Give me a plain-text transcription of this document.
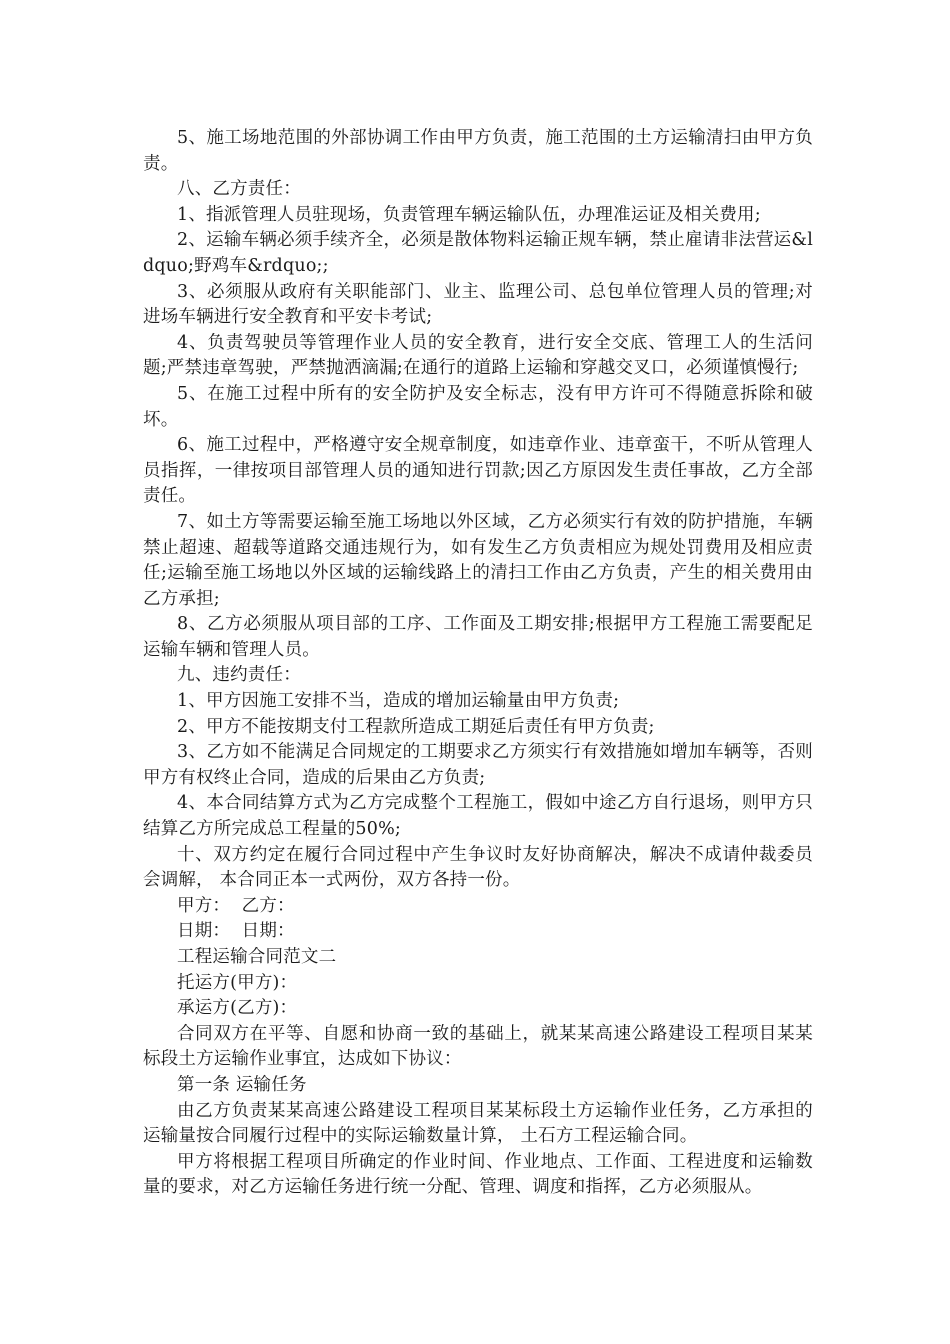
5、施工场地范围的外部协调工作由甲方负责，施工范围的土方运输清扫由甲方负责。

八、乙方责任：

1、指派管理人员驻现场，负责管理车辆运输队伍，办理准运证及相关费用;

2、运输车辆必须手续齐全，必须是散体物料运输正规车辆，禁止雇请非法营运&ldquo;野鸡车&rdquo;;

3、必须服从政府有关职能部门、业主、监理公司、总包单位管理人员的管理;对进场车辆进行安全教育和平安卡考试;

4、负责驾驶员等管理作业人员的安全教育，进行安全交底、管理工人的生活问题;严禁违章驾驶，严禁抛洒滴漏;在通行的道路上运输和穿越交叉口，必须谨慎慢行;

5、在施工过程中所有的安全防护及安全标志，没有甲方许可不得随意拆除和破坏。

6、施工过程中，严格遵守安全规章制度，如违章作业、违章蛮干，不听从管理人员指挥，一律按项目部管理人员的通知进行罚款;因乙方原因发生责任事故，乙方全部责任。

7、如土方等需要运输至施工场地以外区域，乙方必须实行有效的防护措施，车辆禁止超速、超载等道路交通违规行为，如有发生乙方负责相应为规处罚费用及相应责任;运输至施工场地以外区域的运输线路上的清扫工作由乙方负责，产生的相关费用由乙方承担;

8、乙方必须服从项目部的工序、工作面及工期安排;根据甲方工程施工需要配足运输车辆和管理人员。

九、违约责任：

1、甲方因施工安排不当，造成的增加运输量由甲方负责;

2、甲方不能按期支付工程款所造成工期延后责任有甲方负责;

3、乙方如不能满足合同规定的工期要求乙方须实行有效措施如增加车辆等，否则甲方有权终止合同，造成的后果由乙方负责;

4、本合同结算方式为乙方完成整个工程施工，假如中途乙方自行退场，则甲方只结算乙方所完成总工程量的50%;

十、双方约定在履行合同过程中产生争议时友好协商解决，解决不成请仲裁委员会调解， 本合同正本一式两份，双方各持一份。

甲方：  乙方：

日期：  日期：

工程运输合同范文二

托运方(甲方)：

承运方(乙方)：

合同双方在平等、自愿和协商一致的基础上，就某某高速公路建设工程项目某某标段土方运输作业事宜，达成如下协议：

第一条 运输任务

由乙方负责某某高速公路建设工程项目某某标段土方运输作业任务，乙方承担的运输量按合同履行过程中的实际运输数量计算， 土石方工程运输合同。

甲方将根据工程项目所确定的作业时间、作业地点、工作面、工程进度和运输数量的要求，对乙方运输任务进行统一分配、管理、调度和指挥，乙方必须服从。
